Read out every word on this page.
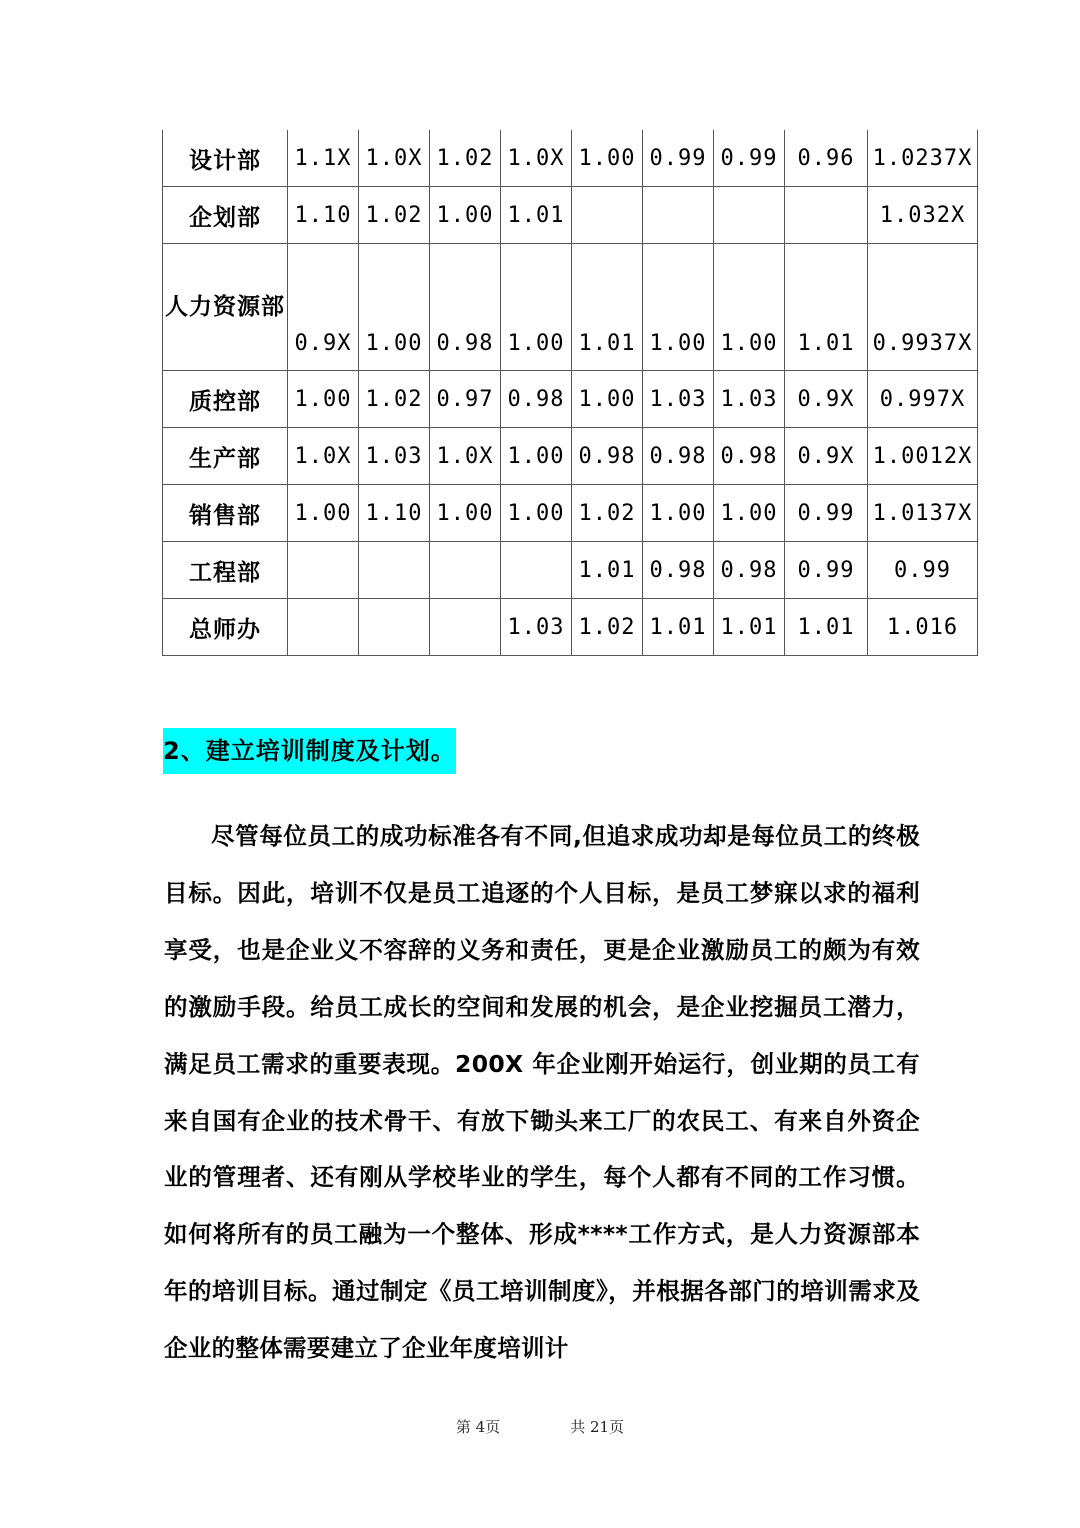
设计部	1.1X	1.0X	1.02	1.0X	1.00	0.99	0.99	0.96	1.0237X
企划部	1.10	1.02	1.00	1.01					1.032X
人力资源部	0.9X	1.00	0.98	1.00	1.01	1.00	1.00	1.01	0.9937X
质控部	1.00	1.02	0.97	0.98	1.00	1.03	1.03	0.9X	0.997X
生产部	1.0X	1.03	1.0X	1.00	0.98	0.98	0.98	0.9X	1.0012X
销售部	1.00	1.10	1.00	1.00	1.02	1.00	1.00	0.99	1.0137X
工程部					1.01	0.98	0.98	0.99	0.99
总师办				1.03	1.02	1.01	1.01	1.01	1.016
2、建立培训制度及计划。
尽管每位员工的成功标准各有不同,但追求成功却是每位员工的终极目标。因此，培训不仅是员工追逐的个人目标，是员工梦寐以求的福利享受，也是企业义不容辞的义务和责任，更是企业激励员工的颇为有效的激励手段。给员工成长的空间和发展的机会，是企业挖掘员工潜力，满足员工需求的重要表现。200X 年企业刚开始运行，创业期的员工有来自国有企业的技术骨干、有放下锄头来工厂的农民工、有来自外资企业的管理者、还有刚从学校毕业的学生，每个人都有不同的工作习惯。如何将所有的员工融为一个整体、形成****工作方式，是人力资源部本年的培训目标。通过制定《员工培训制度》，并根据各部门的培训需求及企业的整体需要建立了企业年度培训计
第 4页	共 21页
